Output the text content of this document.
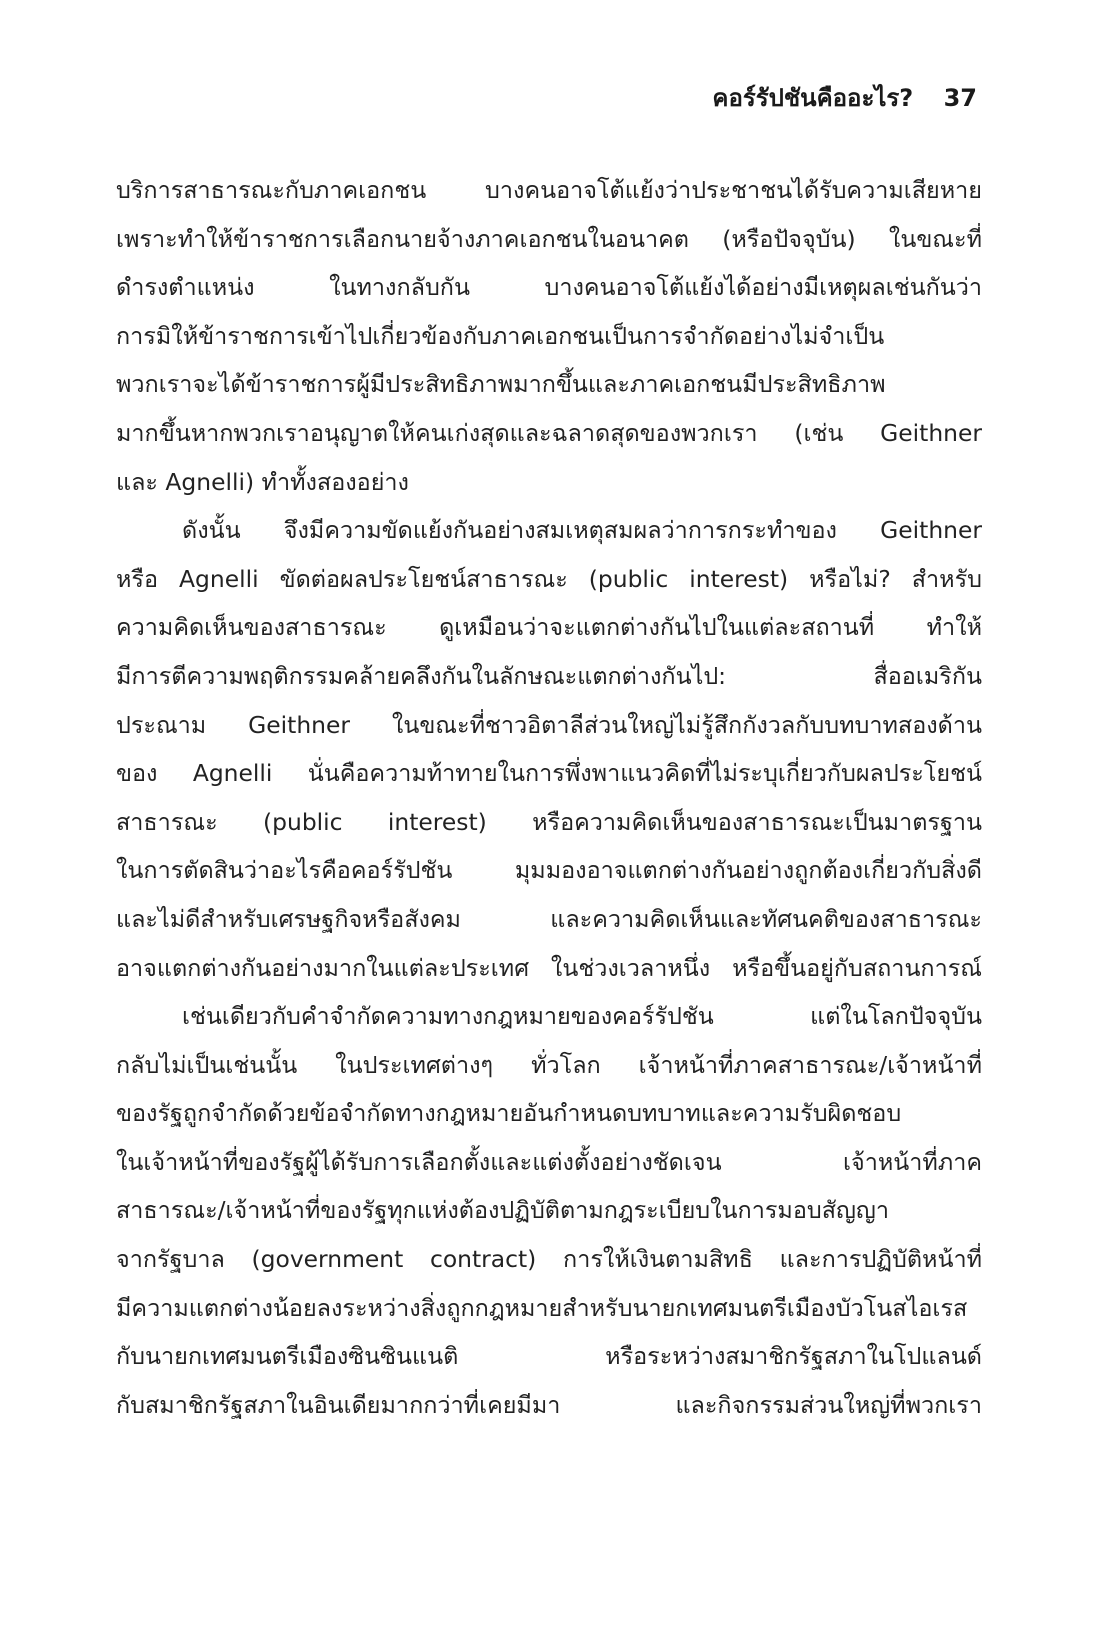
คอร์รัปชันคืออะไร? 37
บริการสาธารณะกับภาคเอกชน บางคนอาจโต้แย้งว่าประชาชนได้รับความเสียหาย
เพราะทำให้ข้าราชการเลือกนายจ้างภาคเอกชนในอนาคต (หรือปัจจุบัน) ในขณะที่
ดำรงตำแหน่ง ในทางกลับกัน บางคนอาจโต้แย้งได้อย่างมีเหตุผลเช่นกันว่า
การมิให้ข้าราชการเข้าไปเกี่ยวข้องกับภาคเอกชนเป็นการจำกัดอย่างไม่จำเป็น
พวกเราจะได้ข้าราชการผู้มีประสิทธิภาพมากขึ้นและภาคเอกชนมีประสิทธิภาพ
มากขึ้นหากพวกเราอนุญาตให้คนเก่งสุดและฉลาดสุดของพวกเรา (เช่น Geithner
และ Agnelli) ทำทั้งสองอย่าง
ดังนั้น จึงมีความขัดแย้งกันอย่างสมเหตุสมผลว่าการกระทำของ Geithner
หรือ Agnelli ขัดต่อผลประโยชน์สาธารณะ (public interest) หรือไม่? สำหรับ
ความคิดเห็นของสาธารณะ ดูเหมือนว่าจะแตกต่างกันไปในแต่ละสถานที่ ทำให้
มีการตีความพฤติกรรมคล้ายคลึงกันในลักษณะแตกต่างกันไป: สื่ออเมริกัน
ประณาม Geithner ในขณะที่ชาวอิตาลีส่วนใหญ่ไม่รู้สึกกังวลกับบทบาทสองด้าน
ของ Agnelli นั่นคือความท้าทายในการพึ่งพาแนวคิดที่ไม่ระบุเกี่ยวกับผลประโยชน์
สาธารณะ (public interest) หรือความคิดเห็นของสาธารณะเป็นมาตรฐาน
ในการตัดสินว่าอะไรคือคอร์รัปชัน มุมมองอาจแตกต่างกันอย่างถูกต้องเกี่ยวกับสิ่งดี
และไม่ดีสำหรับเศรษฐกิจหรือสังคม และความคิดเห็นและทัศนคติของสาธารณะ
อาจแตกต่างกันอย่างมากในแต่ละประเทศ ในช่วงเวลาหนึ่ง หรือขึ้นอยู่กับสถานการณ์
เช่นเดียวกับคำจำกัดความทางกฎหมายของคอร์รัปชัน แต่ในโลกปัจจุบัน
กลับไม่เป็นเช่นนั้น ในประเทศต่างๆ ทั่วโลก เจ้าหน้าที่ภาคสาธารณะ/เจ้าหน้าที่
ของรัฐถูกจำกัดด้วยข้อจำกัดทางกฎหมายอันกำหนดบทบาทและความรับผิดชอบ
ในเจ้าหน้าที่ของรัฐผู้ได้รับการเลือกตั้งและแต่งตั้งอย่างชัดเจน เจ้าหน้าที่ภาค
สาธารณะ/เจ้าหน้าที่ของรัฐทุกแห่งต้องปฏิบัติตามกฎระเบียบในการมอบสัญญา
จากรัฐบาล (government contract) การให้เงินตามสิทธิ และการปฏิบัติหน้าที่
มีความแตกต่างน้อยลงระหว่างสิ่งถูกกฎหมายสำหรับนายกเทศมนตรีเมืองบัวโนสไอเรส
กับนายกเทศมนตรีเมืองซินซินแนติ หรือระหว่างสมาชิกรัฐสภาในโปแลนด์
กับสมาชิกรัฐสภาในอินเดียมากกว่าที่เคยมีมา และกิจกรรมส่วนใหญ่ที่พวกเรา
